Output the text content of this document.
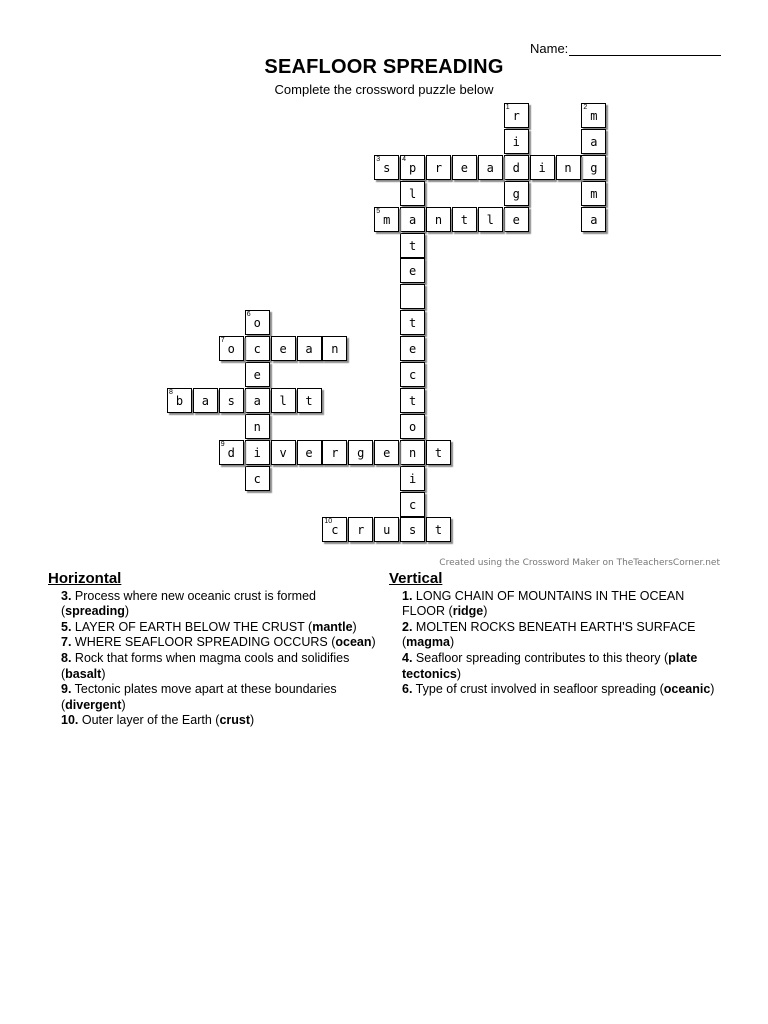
Name:
SEAFLOOR SPREADING
Complete the crossword puzzle below
1
r
i
d
g
e
2
m
a
g
m
a
3
s
4
p	r	e	a	i	n
l
a
t
e
t
e
c
t
o
n
i
c
5
m	n	t	l
6
o
c
e
a
n
i
c
7
o	e	a	n
8
b	a	s	l	t
9
d	v	e	r	g	e	t
10
c	r	u	s	t
Created using the Crossword Maker on TheTeachersCorner.net
Horizontal
3. Process where new oceanic crust is formed (spreading)
5. LAYER OF EARTH BELOW THE CRUST (mantle)
7. WHERE SEAFLOOR SPREADING OCCURS (ocean)
8. Rock that forms when magma cools and solidifies (basalt)
9. Tectonic plates move apart at these boundaries (divergent)
10. Outer layer of the Earth (crust)
Vertical
1. LONG CHAIN OF MOUNTAINS IN THE OCEAN FLOOR (ridge)
2. MOLTEN ROCKS BENEATH EARTH'S SURFACE (magma)
4. Seafloor spreading contributes to this theory (plate tectonics)
6. Type of crust involved in seafloor spreading (oceanic)
